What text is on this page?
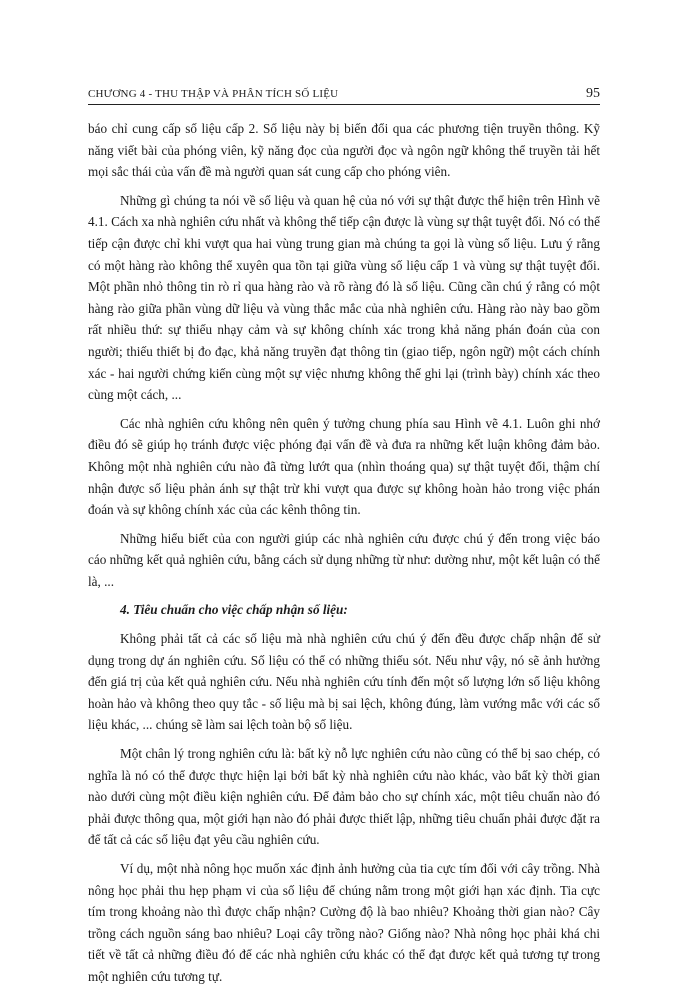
CHƯƠNG 4 - THU THẬP VÀ PHÂN TÍCH SỐ LIỆU	95

báo chỉ cung cấp số liệu cấp 2. Số liệu này bị biến đổi qua các phương tiện truyền thông. Kỹ năng viết bài của phóng viên, kỹ năng đọc của người đọc và ngôn ngữ không thể truyền tải hết mọi sắc thái của vấn đề mà người quan sát cung cấp cho phóng viên.

Những gì chúng ta nói về số liệu và quan hệ của nó với sự thật được thể hiện trên Hình vẽ 4.1. Cách xa nhà nghiên cứu nhất và không thể tiếp cận được là vùng sự thật tuyệt đối. Nó có thể tiếp cận được chỉ khi vượt qua hai vùng trung gian mà chúng ta gọi là vùng số liệu. Lưu ý rằng có một hàng rào không thể xuyên qua tồn tại giữa vùng số liệu cấp 1 và vùng sự thật tuyệt đối. Một phần nhỏ thông tin rò rỉ qua hàng rào và rõ ràng đó là số liệu. Cũng cần chú ý rằng có một hàng rào giữa phần vùng dữ liệu và vùng thắc mắc của nhà nghiên cứu. Hàng rào này bao gồm rất nhiều thứ: sự thiếu nhạy cảm và sự không chính xác trong khả năng phán đoán của con người; thiếu thiết bị đo đạc, khả năng truyền đạt thông tin (giao tiếp, ngôn ngữ) một cách chính xác - hai người chứng kiến cùng một sự việc nhưng không thể ghi lại (trình bày) chính xác theo cùng một cách, ...

Các nhà nghiên cứu không nên quên ý tưởng chung phía sau Hình vẽ 4.1. Luôn ghi nhớ điều đó sẽ giúp họ tránh được việc phóng đại vấn đề và đưa ra những kết luận không đảm bảo. Không một nhà nghiên cứu nào đã từng lướt qua (nhìn thoáng qua) sự thật tuyệt đối, thậm chí nhận được số liệu phản ánh sự thật trừ khi vượt qua được sự không hoàn hảo trong việc phán đoán và sự không chính xác của các kênh thông tin.

Những hiểu biết của con người giúp các nhà nghiên cứu được chú ý đến trong việc báo cáo những kết quả nghiên cứu, bằng cách sử dụng những từ như: dường như, một kết luận có thể là, ...

4. Tiêu chuẩn cho việc chấp nhận số liệu:

Không phải tất cả các số liệu mà nhà nghiên cứu chú ý đến đều được chấp nhận để sử dụng trong dự án nghiên cứu. Số liệu có thể có những thiếu sót. Nếu như vậy, nó sẽ ảnh hưởng đến giá trị của kết quả nghiên cứu. Nếu nhà nghiên cứu tính đến một số lượng lớn số liệu không hoàn hảo và không theo quy tắc - số liệu mà bị sai lệch, không đúng, làm vướng mắc với các số liệu khác, ... chúng sẽ làm sai lệch toàn bộ số liệu.

Một chân lý trong nghiên cứu là: bất kỳ nỗ lực nghiên cứu nào cũng có thể bị sao chép, có nghĩa là nó có thể được thực hiện lại bởi bất kỳ nhà nghiên cứu nào khác, vào bất kỳ thời gian nào dưới cùng một điều kiện nghiên cứu. Để đảm bảo cho sự chính xác, một tiêu chuẩn nào đó phải được thông qua, một giới hạn nào đó phải được thiết lập, những tiêu chuẩn phải được đặt ra để tất cả các số liệu đạt yêu cầu nghiên cứu.

Ví dụ, một nhà nông học muốn xác định ảnh hưởng của tia cực tím đối với cây trồng. Nhà nông học phải thu hẹp phạm vi của số liệu để chúng nằm trong một giới hạn xác định. Tia cực tím trong khoảng nào thì được chấp nhận? Cường độ là bao nhiêu? Khoảng thời gian nào? Cây trồng cách nguồn sáng bao nhiêu? Loại cây trồng nào? Giống nào? Nhà nông học phải khá chi tiết về tất cả những điều đó để các nhà nghiên cứu khác có thể đạt được kết quả tương tự trong một nghiên cứu tương tự.
